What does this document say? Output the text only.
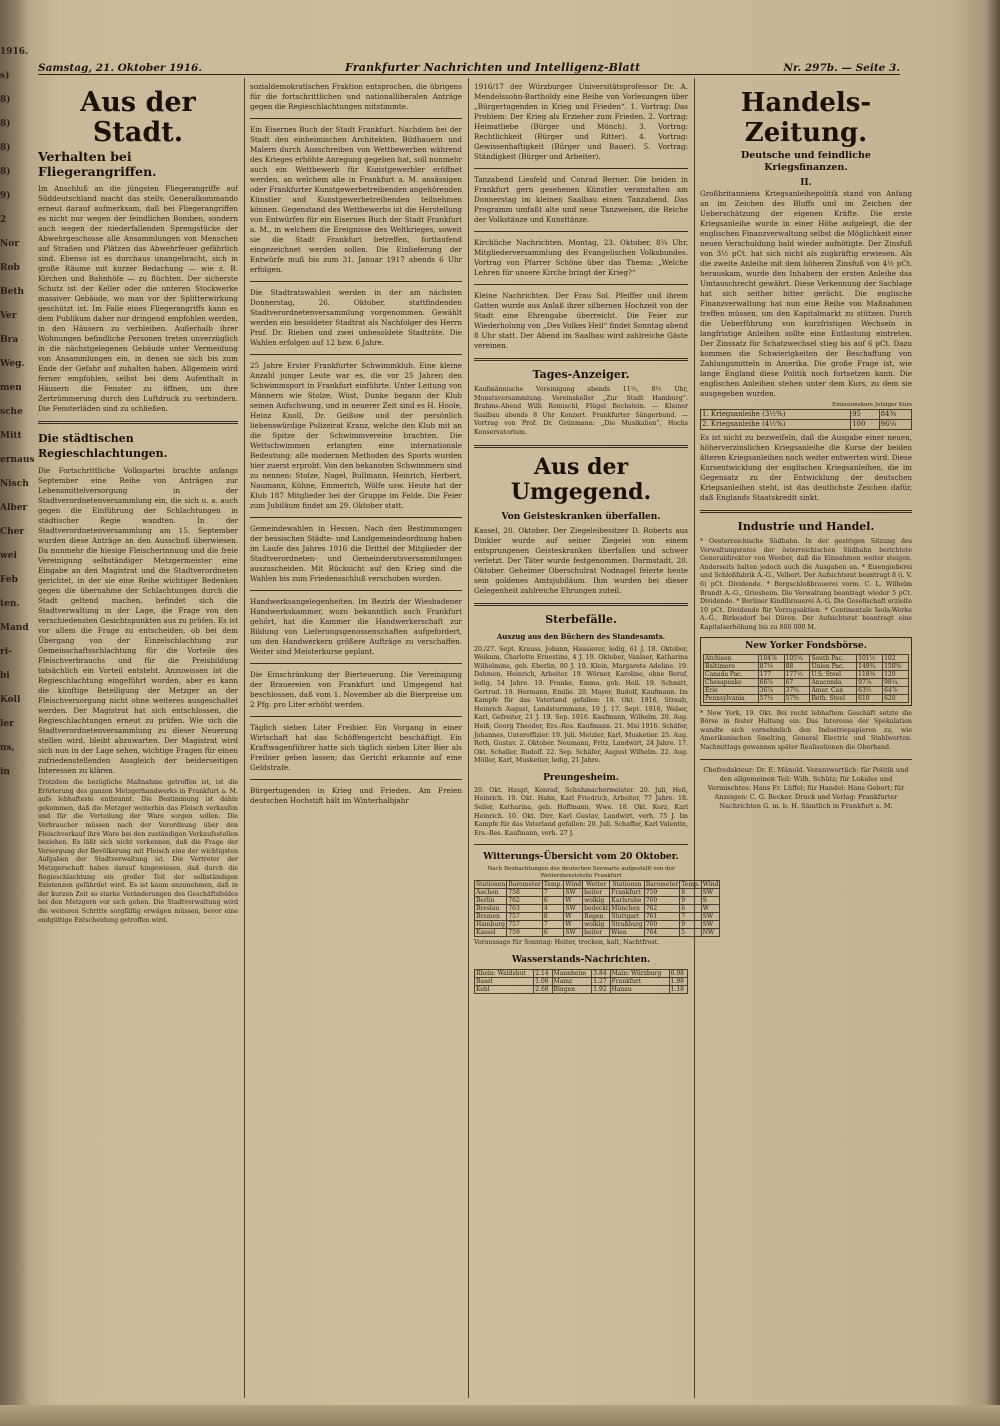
1916.
s)
8)
8)
8)
8)
9)
2
Nor
Rob
Beth
Ver
Bra
Weg.
men
sche
Mitt
ernaus
Nisch
Alber
Cher
wei
Feb
ten.
Mand
ri-
bi
Koll
ler
ns,
in
Samstag, 21. Oktober 1916.	Frankfurter Nachrichten und Intelligenz-Blatt	Nr. 297b. — Seite 3.
Aus der Stadt.
Verhalten bei Fliegerangriffen.

Im Anschluß an die jüngsten Fliegerangriffe auf Süddeutschland macht das stellv. Generalkommando erneut darauf aufmerksam, daß bei Fliegerangriffen es nicht nur wegen der feindlichen Bomben, sondern auch wegen der niederfallenden Sprengstücke der Abwehrgeschosse alle Ansammlungen von Menschen auf Straßen und Plätzen das Abwehrfeuer gefährlich sind. Ebenso ist es durchaus unangebracht, sich in große Räume mit kurzer Bedachung — wie z. B. Kirchen und Bahnhöfe — zu flüchten. Der sicherste Schutz ist der Keller oder die unteren Stockwerke massiver Gebäude, wo man vor der Splitterwirkung geschützt ist. Im Falle eines Fliegerangriffs kann es dem Publikum daher nur dringend empfohlen werden, in den Häusern zu verbleiben. Außerhalb ihrer Wohnungen befindliche Personen treten unverzüglich in die nächstgelegenen Gebäude unter Vermeidung von Ansammlungen ein, in denen sie sich bis zum Ende der Gefahr auf zuhalten haben. Allgemein wird ferner empfohlen, selbst bei dem Aufenthalt in Häusern die Fenster zu öffnen, um ihre Zertrümmerung durch den Luftdruck zu verhindern. Die Fensterläden sind zu schließen.

Die städtischen Regieschlachtungen.

Die Fortschrittliche Volkspartei brachte anfangs September eine Reihe von Anträgen zur Lebensmittelversorgung in der Stadtverordnetenversammlung ein, die sich u. a. auch gegen die Einführung der Schlachtungen in städtischer Regie wandten. In der Stadtverordnetenversammlung am 15. September wurden diese Anträge an den Ausschuß überwiesen. Da nunmehr die hiesige Fleischerinnung und die freie Vereinigung selbständiger Metzgermeister eine Eingabe an den Magistrat und die Stadtverordneten gerichtet, in der sie eine Reihe wichtiger Bedenken gegen die übernahme der Schlachtungen durch die Stadt geltend machen, befindet sich die Stadtverwaltung in der Lage, die Frage von den verschiedensten Gesichtspunkten aus zu prüfen. Es ist vor allem die Frage zu entscheiden, ob bei dem Übergang von der Einzelschlachtung zur Gemeinschaftsschlachtung für die Vorteile des Fleischverbrauchs und für die Preisbildung tatsächlich ein Vorteil entsteht. Anzuwissen ist die Regieschlachtung eingeführt worden, aber es kann die künftige Beteiligung der Metzger an der Fleischversorgung nicht ohne weiteres ausgeschaltet werden. Der Magistrat hat sich entschlossen, die Regieschlachtungen erneut zu prüfen. Wie sich die Stadtverordnetenversammlung zu dieser Neuerung stellen wird, bleibt abzuwarten. Der Magistrat wird sich nun in der Lage sehen, wichtige Fragen für einen zufriedenstellenden Ausgleich der beiderseitigen Interessen zu klären.

Trotzdem die bezügliche Maßnahme getroffen ist, ist die Erörterung des ganzen Metzgerhandwerks in Frankfurt a. M. aufs lebhafteste entbrannt. Die Bestimmung ist dahin gekommen, daß die Metzger weiterhin das Fleisch verkaufen und für die Verteilung der Ware sorgen sollen. Die Verbraucher müssen nach der Verordnung über den Fleischverkauf ihre Ware bei den zuständigen Verkaufsstellen beziehen. Es läßt sich nicht verkennen, daß die Frage der Versorgung der Bevölkerung mit Fleisch eine der wichtigsten Aufgaben der Stadtverwaltung ist. Die Vertreter der Metzgerschaft haben darauf hingewiesen, daß durch die Regieschlachtung ein großer Teil der selbständigen Existenzen gefährdet wird. Es ist kaum anzunehmen, daß in der kurzen Zeit so starke Veränderungen des Geschäftsfeldes bei den Metzgern vor sich gehen. Die Stadtverwaltung wird die weiteren Schritte sorgfältig erwägen müssen, bevor eine endgültige Entscheidung getroffen wird.

sozialdemokratischen Fraktion entsprochen, die übrigens für die fortschrittlichen und nationalliberalen Anträge gegen die Regieschlachtungen mitstimmte.

Ein Eisernes Buch der Stadt Frankfurt. Nachdem bei der Stadt den einheimischen Architekten, Bildhauern und Malern durch Ausschreiben von Wettbewerben während des Krieges erhöhte Anregung gegeben hat, soll nunmehr auch ein Wettbewerb für Kunstgewerbler eröffnet werden, an welchem alle in Frankfurt a. M. ansässigen oder Frankfurter Kunstgewerbetreibenden angehörenden Künstler und Kunstgewerbetreibenden teilnehmen können. Gegenstand des Wettbewerbs ist die Herstellung von Entwürfen für ein Eisernes Buch der Stadt Frankfurt a. M., in welchem die Ereignisse des Weltkrieges, soweit sie die Stadt Frankfurt betreffen, fortlaufend eingezeichnet werden sollen. Die Einlieferung der Entwürfe muß bis zum 31. Januar 1917 abends 6 Uhr erfolgen.

Die Stadtratswahlen werden in der am nächsten Donnerstag, 26. Oktober, stattfindenden Stadtverordnetenversammlung vorgenommen. Gewählt werden ein besoldeter Stadtrat als Nachfolger des Herrn Prof. Dr. Rieben und zwei unbesoldete Stadträte. Die Wahlen erfolgen auf 12 bzw. 6 Jahre.

25 Jahre Erster Frankfurter Schwimmklub. Eine kleine Anzahl junger Leute war es, die vor 25 Jahren den Schwimmsport in Frankfurt einführte. Unter Leitung von Männern wie Stolze, Wüst, Dunke begann der Klub seinen Aufschwung, und in neuerer Zeit sind es H. Hoole, Heinz Knoll, Dr. Geißow und der persönlich liebenswürdige Polizeirat Kranz, welche den Klub mit an die Spitze der Schwimmvereine brachten. Die Wettschwimmen erlangten eine internationale Bedeutung; alle modernen Methoden des Sports wurden hier zuerst erprobt. Von den bekannten Schwimmern sind zu nennen: Stolze, Nagel, Bullmann, Heinrich, Herbert, Naumann, Kühne, Emmerich, Wölfe usw. Heute hat der Klub 187 Mitglieder bei der Gruppe im Felde. Die Feier zum Jubiläum findet am 29. Oktober statt.

Gemeindewahlen in Hessen. Nach den Bestimmungen der hessischen Städte- und Landgemeindeordnung haben im Laufe des Jahres 1916 die Drittel der Mitglieder der Stadtverordneten- und Gemeinderatsversammlungen auszuscheiden. Mit Rücksicht auf den Krieg sind die Wahlen bis zum Friedensschluß verschoben worden.

Handwerksangelegenheiten. Im Bezirk der Wiesbadener Handwerkskammer, wozu bekanntlich auch Frankfurt gehört, hat die Kammer die Handwerkerschaft zur Bildung von Lieferungsgenossenschaften aufgefordert, um den Handwerkern größere Aufträge zu verschaffen. Weiter sind Meisterkurse geplant.

Die Einschränkung der Bierteuerung. Die Vereinigung der Brauereien von Frankfurt und Umgegend hat beschlossen, daß vom 1. November ab die Bierpreise um 2 Pfg. pro Liter erhöht werden.

Täglich sieben Liter Freibier. Ein Vorgang in einer Wirtschaft hat das Schöffengericht beschäftigt. Ein Kraftwagenführer hatte sich täglich sieben Liter Bier als Freibier geben lassen; das Gericht erkannte auf eine Geldstrafe.

Bürgertugenden in Krieg und Frieden. Am Freien deutschen Hochstift hält im Winterhalbjahr

1916/17 der Würzburger Universitätsprofessor Dr. A. Mendelssohn-Bartholdy eine Reihe von Vorlesungen über „Bürgertugenden in Krieg und Frieden“. 1. Vortrag: Das Problem: Der Krieg als Erzieher zum Frieden. 2. Vortrag: Heimatliebe (Bürger und Mönch). 3. Vortrag: Rechtlichkeit (Bürger und Ritter). 4. Vortrag: Gewissenhaftigkeit (Bürger und Bauer). 5. Vortrag: Ständigkeit (Bürger und Arbeiter).

Tanzabend Liesfeld und Conrad Berner. Die beiden in Frankfurt gern gesehenen Künstler veranstalten am Donnerstag im kleinen Saalbau einen Tanzabend. Das Programm umfaßt alte und neue Tanzweisen, die Reiche der Volkstänze und Kunsttänze.

Kirchliche Nachrichten. Montag, 23. Oktober, 8¼ Uhr, Mitgliederversammlung des Evangelischen Volksbundes. Vortrag von Pfarrer Schöne über das Thema: „Welche Lehren für unsere Kirche bringt der Krieg?“

Kleine Nachrichten. Der Frau Sol. Pfeiffer und ihrem Gatten wurde aus Anlaß ihrer silbernen Hochzeit von der Stadt eine Ehrengabe überreicht. Die Feier zur Wiederholung von „Des Volkes Heil“ findet Sonntag abend 8 Uhr statt. Der Abend im Saalbau wird zahlreiche Gäste vereinen.

Tages-Anzeiger.

Kaufmännische Vereinigung abends 11⅓, 8½ Uhr, Monatsversammlung. Vereinskeller „Zur Stadt Hamburg“. Brahms-Abend Willi Remischl, Flügel Bechstein. — Kleiner Saalbau abends 8 Uhr Konzert. Frankfurter Sängerbund. — Vortrag von Prof. Dr. Grünmann: „Die Musikalien“, Hochs Konservatorium.

Aus der Umgegend.
Von Geisteskranken überfallen.

Kassel, 20. Oktober. Der Ziegeleibesitzer D. Roberts aus Dinkler wurde auf seiner Ziegelei von einem entsprungenen Geisteskranken überfallen und schwer verletzt. Der Täter wurde festgenommen. Darmstadt, 20. Oktober. Geheimer Oberschulrat Nodnagel feierte heute sein goldenes Amtsjubiläum. Ihm wurden bei dieser Gelegenheit zahlreiche Ehrungen zuteil.

Sterbefälle.
Auszug aus den Büchern des Standesamts.

20./27. Sept. Krauss, Johann, Hausierer, ledig, 61 J. 18. Oktober, Weikum, Charlotte Ernestine, 4 J. 19. Oktober, Vanlaer, Katharina Wilhelmine, geb. Eberlin, 80 J. 19. Klein, Margarete Adeline. 19. Dahmen, Heinrich, Arbeiter. 19. Wörner, Karoline, ohne Beruf, ledig, 54 Jahre. 19. Franke, Emma, geb. Heil. 19. Schmitt, Gertrud. 19. Hermann, Emilie. 20. Mayer, Rudolf, Kaufmann. Im Kampfe für das Vaterland gefallen: 18. Okt. 1916, Straub, Heinrich August, Landsturmmann, 19 J. 17. Sept. 1916, Weber, Karl, Gefreiter, 21 J. 19. Sep. 1916. Kaufmann, Wilhelm. 20. Aug. Heiß, Georg Theodor, Ers.-Res. Kaufmann. 21. Mai 1916. Schäfer, Johannes, Unteroffizier. 19. Juli. Metzler, Karl, Musketier. 25. Aug. Roth, Gustav. 2. Oktober. Neumann, Fritz, Landwirt, 24 Jahre. 17. Okt. Schaller, Rudolf. 22. Sep. Schäfer, August Wilhelm. 22. Aug. Möller, Karl, Musketier, ledig, 21 Jahre.

Preungesheim.

20. Okt. Haupt, Konrad, Schuhmachermeister. 20. Juli, Heß, Heinrich. 19. Okt. Hahn, Karl Friedrich, Arbeiter, 77 Jahre. 18. Seiler, Katharina, geb. Hoffmann, Wwe. 18. Okt. Korz, Karl Heinrich. 10. Okt. Dirr, Karl Gustav, Landwirt, verh. 75 J. Im Kampfe für das Vaterland gefallen: 20. Juli. Schaffer, Karl Valentin, Ers.-Res. Kaufmann, verh. 27 J.

Witterungs-Übersicht vom 20 Oktober.
Nach Beobachtungen des deutschen Seewarte aufgestellt von der Wetterdienststelle Frankfurt
Stationen	Barometer	Temp.	Wind	Wetter	Stationen	Barometer	Temp.	Wind
Aachen	758	7	SW	heiter	Frankfurt	759	8	SW
Berlin	762	6	W	wolkig	Karlsruhe	760	9	S
Breslau	763	4	SW	bedeckt	München	762	6	W
Bremen	757	8	W	Regen	Stuttgart	761	7	SW
Hamburg	757	7	W	wolkig	Straßburg	760	9	SW
Kassel	759	6	SW	heiter	Wien	764	5	NW

Voraussage für Sonntag: Heiter, trocken, kalt, Nachtfrost.

Wasserstands-Nachrichten.
Rhein: Waldshut	2.14	Mannheim	3.84	Main: Würzburg	0.98
Basel	1.08	Mainz	1.27	Frankfurt	1.98
Kehl	2.68	Bingen	1.92	Hanau	1.18
Handels-Zeitung.
Deutsche und feindliche Kriegsfinanzen.
II.

Großbritanniens Kriegsanleihepolitik stand von Anfang an im Zeichen des Bluffs und im Zeichen der Ueberschätzung der eigenen Kräfte. Die erste Kriegsanleihe wurde in einer Höhe aufgelegt, die der englischen Finanzverwaltung selbst die Möglichkeit einer neuen Verschuldung bald wieder aufnötigte. Der Zinsfuß von 3½ pCt. hat sich nicht als zugkräftig erwiesen. Als die zweite Anleihe mit dem höheren Zinsfuß von 4½ pCt. herauskam, wurde den Inhabern der ersten Anleihe das Umtauschrecht gewährt. Diese Verkennung der Sachlage hat sich seither bitter gerächt. Die englische Finanzverwaltung hat nun eine Reihe von Maßnahmen treffen müssen, um den Kapitalmarkt zu stützen. Durch die Ueberführung von kurzfristigen Wechseln in langfristige Anleihen sollte eine Entlastung eintreten. Der Zinssatz für Schatzwechsel stieg bis auf 6 pCt. Dazu kommen die Schwierigkeiten der Beschaffung von Zahlungsmitteln in Amerika. Die große Frage ist, wie lange England diese Politik noch fortsetzen kann. Die englischen Anleihen stehen unter dem Kurs, zu dem sie ausgegeben wurden.

Emissionskurs Jetziger Kurs
1. Kriegsanleihe (3½%)	95	84⅜
2. Kriegsanleihe (4½%)	100	96⅛

Es ist nicht zu bezweifeln, daß die Ausgabe einer neuen, höherverzinslichen Kriegsanleihe die Kurse der beiden älteren Kriegsanleihen noch weiter entwerten wird. Diese Kursentwicklung der englischen Kriegsanleihen, die im Gegensatz zu der Entwicklung der deutschen Kriegsanleihen steht, ist das deutlichste Zeichen dafür, daß Englands Staatskredit sinkt.

Industrie und Handel.

* Oesterreichische Südbahn. In der gestrigen Sitzung des Verwaltungsrates der österreichischen Südbahn berichtete Generaldirektor von Weeber, daß die Einnahmen weiter steigen. Anderseits halten jedoch auch die Ausgaben an. * Eisengießerei und Schloßfabrik A.-G., Velbert. Der Aufsichtsrat beantragt 8 (i. V. 6) pCt. Dividende. * Bergschloßbrauerei vorm. C. L. Wilhelm Brandt A.-G., Griesheim. Die Verwaltung beantragt wieder 5 pCt. Dividende. * Berliner Kindlbrauerei A.-G. Die Gesellschaft erzielte 10 pCt. Dividende für Vorzugsaktien. * Continentale Isola-Werke A.-G., Birkesdorf bei Düren. Der Aufsichtsrat beantragt eine Kapitalserhöhung bis zu 800 000 M.

New Yorker Fondsbörse.
Atchison	104⅞	105¼	South Pac.	101½	102
Baltimore	87⅛	88	Union Pac.	149¾	150⅝
Canada Pac.	177	177½	U.S. Steel	118⅝	120
Chesapeake	66⅞	67	Anaconda	97⅞	98¼
Erie	36⅞	37¾	Amer. Can	63½	64⅞
Pennsylvania	57⅛	57⅜	Beth. Steel	610	620

* New York, 19. Okt. Bei recht lebhaftem Geschäft setzte die Börse in fester Haltung ein. Das Interesse der Spekulation wandte sich vornehmlich den Industriepapieren zu, wie Amerikanischen Smelting, General Electric und Stahlwerten. Nachmittags gewannen später Realisationen die Oberhand.

Chefredakteur: Dr. E. Mänold. Verantwortlich: für Politik und den allgemeinen Teil: Wilh. Schütz; für Lokales und Vermischtes: Hans Fr. Lüffel; für Handel: Hans Gebert; für Anzeigen: C. G. Becker. Druck und Verlag: Frankfurter Nachrichten G. m. b. H. Sämtlich in Frankfurt a. M.
